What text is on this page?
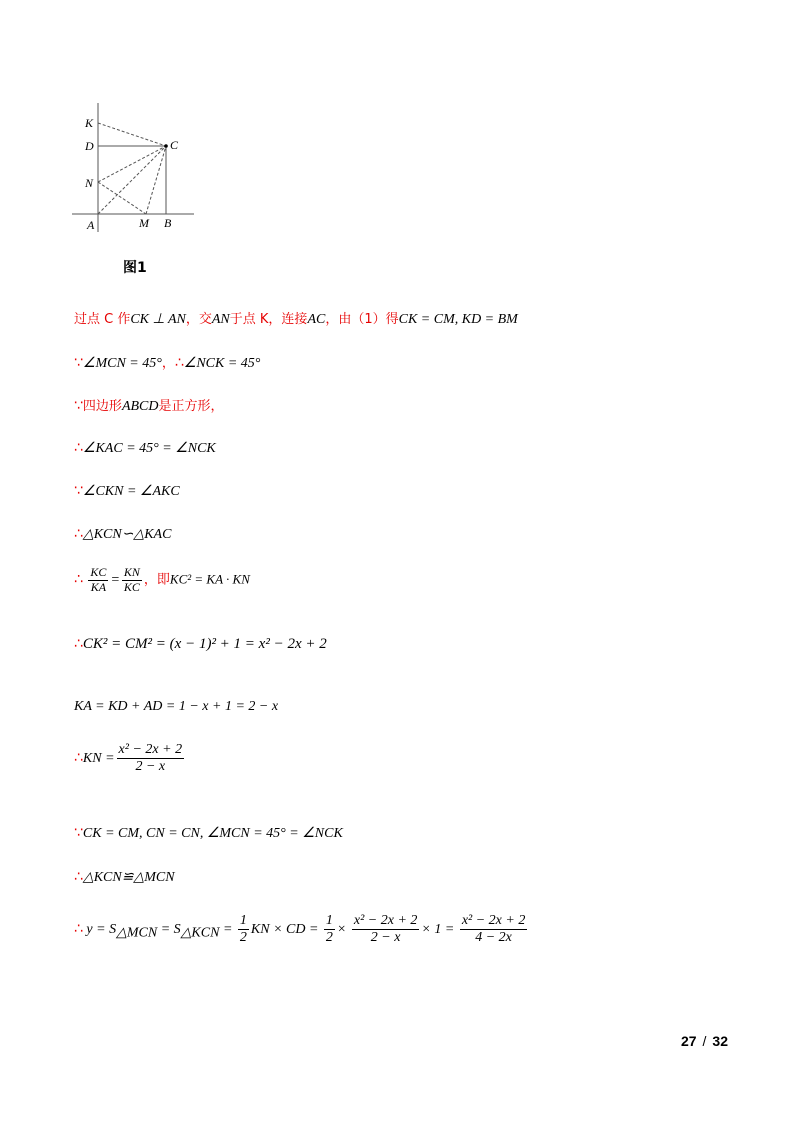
K
D	C
N
A	M B
图1
过点 C 作CK ⊥ AN，交AN于点 K，连接AC，由（1）得CK = CM, KD = BM
∵∠MCN = 45°，∴∠NCK = 45°
∵四边形ABCD是正方形，
∴∠KAC = 45° = ∠NCK
∵∠CKN = ∠AKC
∴△KCN∽△KAC
∴ $\frac{KC}{KA} = \frac{KN}{KC}$ ，即KC² = KA · KN
∴CK² = CM² = (x − 1)² + 1 = x² − 2x + 2
KA = KD + AD = 1 − x + 1 = 2 − x
∴KN = $\frac{\text{x² − 2x + 2}}{2 - x}$
∵CK = CM, CN = CN, ∠MCN = 45° = ∠NCK
∴△KCN≌△MCN
∴ $y = S_{\triangle MCN} = S_{\triangle KCN} = \frac{1}{2}$ KN × CD = $\frac{1}{2} \times \frac{\text{x² − 2x + 2}}{2 - x} \times 1 = \frac{\text{x² − 2x + 2}}{4 - 2x}$
27 / 32
